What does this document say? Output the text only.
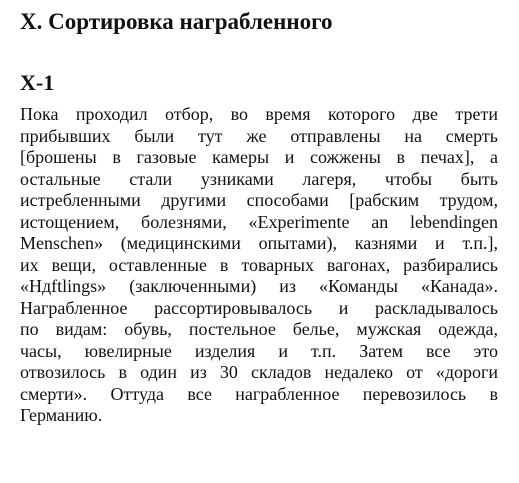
X. Сортировка награбленного
X-1

Пока проходил отбор, во время которого две трети
прибывших были тут же отправлены на смерть
[брошены в газовые камеры и сожжены в печах], а
остальные стали узниками лагеря, чтобы быть
истребленными другими способами [рабским трудом,
истощением, болезнями, «Experimente an lebendingen
Menschen» (медицинскими опытами), казнями и т.п.],
их вещи, оставленные в товарных вагонах, разбирались
«Hдftlings» (заключенными) из «Команды «Канада».
Награбленное рассортировывалось и раскладывалось
по видам: обувь, постельное белье, мужская одежда,
часы, ювелирные изделия и т.п. Затем все это
отвозилось в один из 30 складов недалеко от «дороги
смерти». Оттуда все награбленное перевозилось в
Германию.
